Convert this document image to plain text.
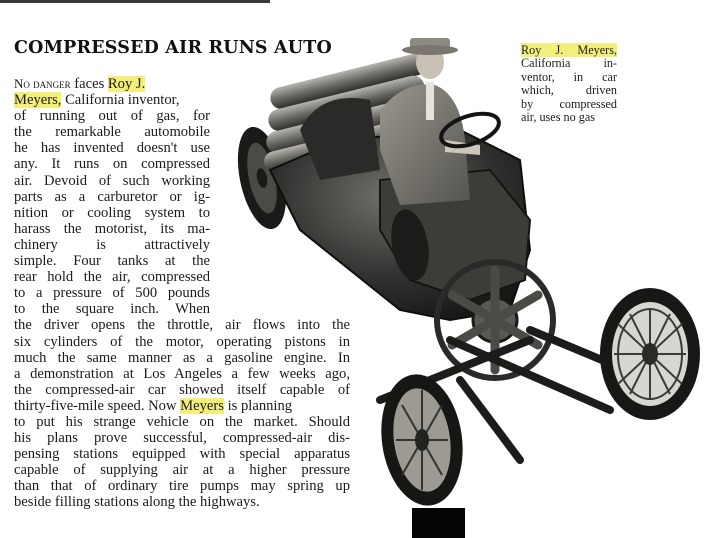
COMPRESSED AIR RUNS AUTO
No danger faces Roy J.
Meyers, California inventor,
of running out of gas, for
the remarkable automobile
he has invented doesn't use
any. It runs on compressed
air. Devoid of such working
parts as a carburetor or ig-
nition or cooling system to
harass the motorist, its ma-
chinery is attractively
simple. Four tanks at the
rear hold the air, compressed
to a pressure of 500 pounds
to the square inch. When
the driver opens the throttle, air flows into the
six cylinders of the motor, operating pistons in
much the same manner as a gasoline engine. In
a demonstration at Los Angeles a few weeks ago,
the compressed-air car showed itself capable of
thirty-five-mile speed. Now Meyers is planning
to put his strange vehicle on the market. Should
his plans prove successful, compressed-air dis-
pensing stations equipped with special apparatus
capable of supplying air at a higher pressure
than that of ordinary tire pumps may spring up
beside filling stations along the highways.
Roy J. Meyers,
California in-
ventor, in car
which, driven
by compressed
air, uses no gas
